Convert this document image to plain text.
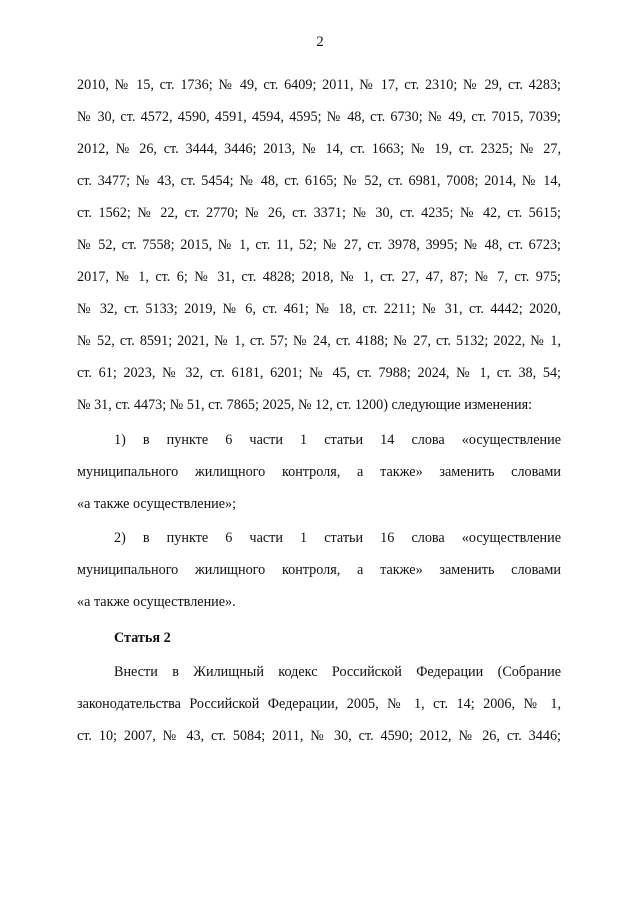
2
2010, № 15, ст. 1736; № 49, ст. 6409; 2011, № 17, ст. 2310; № 29, ст. 4283;
№ 30, ст. 4572, 4590, 4591, 4594, 4595; № 48, ст. 6730; № 49, ст. 7015, 7039;
2012, № 26, ст. 3444, 3446; 2013, № 14, ст. 1663; № 19, ст. 2325; № 27,
ст. 3477; № 43, ст. 5454; № 48, ст. 6165; № 52, ст. 6981, 7008; 2014, № 14,
ст. 1562; № 22, ст. 2770; № 26, ст. 3371; № 30, ст. 4235; № 42, ст. 5615;
№ 52, ст. 7558; 2015, № 1, ст. 11, 52; № 27, ст. 3978, 3995; № 48, ст. 6723;
2017, № 1, ст. 6; № 31, ст. 4828; 2018, № 1, ст. 27, 47, 87; № 7, ст. 975;
№ 32, ст. 5133; 2019, № 6, ст. 461; № 18, ст. 2211; № 31, ст. 4442; 2020,
№ 52, ст. 8591; 2021, № 1, ст. 57; № 24, ст. 4188; № 27, ст. 5132; 2022, № 1,
ст. 61; 2023, № 32, ст. 6181, 6201; № 45, ст. 7988; 2024, № 1, ст. 38, 54;
№ 31, ст. 4473; № 51, ст. 7865; 2025, № 12, ст. 1200) следующие изменения:
1) в пункте 6 части 1 статьи 14 слова «осуществление
муниципального жилищного контроля, а также» заменить словами
«а также осуществление»;
2) в пункте 6 части 1 статьи 16 слова «осуществление
муниципального жилищного контроля, а также» заменить словами
«а также осуществление».
Статья 2
Внести в Жилищный кодекс Российской Федерации (Собрание
законодательства Российской Федерации, 2005, № 1, ст. 14; 2006, № 1,
ст. 10; 2007, № 43, ст. 5084; 2011, № 30, ст. 4590; 2012, № 26, ст. 3446;
